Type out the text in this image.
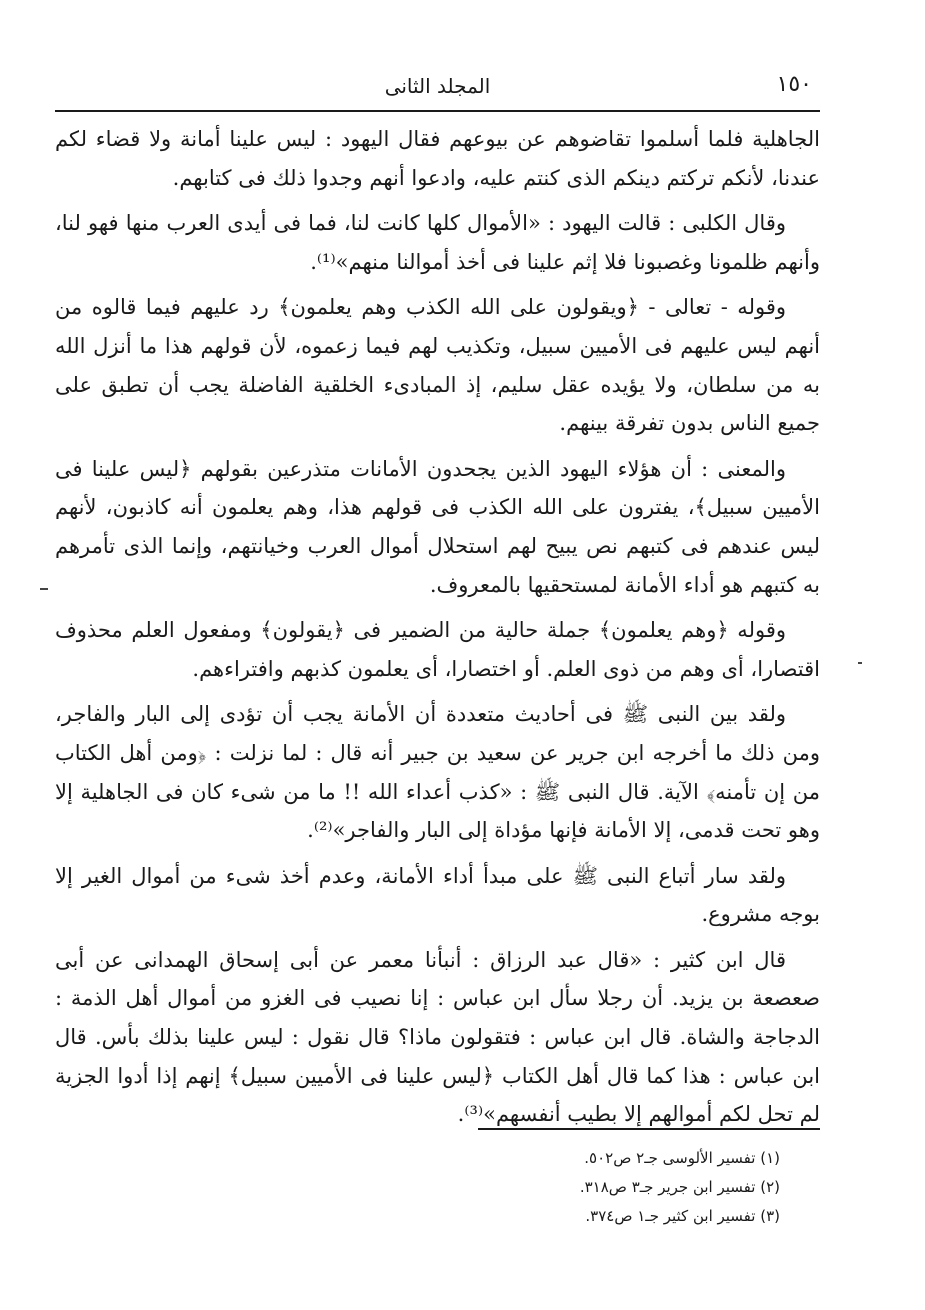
١٥٠
المجلد الثانى

الجاهلية فلما أسلموا تقاضوهم عن بيوعهم فقال اليهود : ليس علينا أمانة ولا قضاء لكم عندنا، لأنكم تركتم دينكم الذى كنتم عليه، وادعوا أنهم وجدوا ذلك فى كتابهم.

وقال الكلبى : قالت اليهود : «الأموال كلها كانت لنا، فما فى أيدى العرب منها فهو لنا، وأنهم ظلمونا وغصبونا فلا إثم علينا فى أخذ أموالنا منهم»⁽¹⁾.

وقوله - تعالى - ﴿ويقولون على الله الكذب وهم يعلمون﴾ رد عليهم فيما قالوه من أنهم ليس عليهم فى الأميين سبيل، وتكذيب لهم فيما زعموه، لأن قولهم هذا ما أنزل الله به من سلطان، ولا يؤيده عقل سليم، إذ المبادىء الخلقية الفاضلة يجب أن تطبق على جميع الناس بدون تفرقة بينهم.

والمعنى : أن هؤلاء اليهود الذين يجحدون الأمانات متذرعين بقولهم ﴿ليس علينا فى الأميين سبيل﴾، يفترون على الله الكذب فى قولهم هذا، وهم يعلمون أنه كاذبون، لأنهم ليس عندهم فى كتبهم نص يبيح لهم استحلال أموال العرب وخيانتهم، وإنما الذى تأمرهم به كتبهم هو أداء الأمانة لمستحقيها بالمعروف.

وقوله ﴿وهم يعلمون﴾ جملة حالية من الضمير فى ﴿يقولون﴾ ومفعول العلم محذوف اقتصارا، أى وهم من ذوى العلم. أو اختصارا، أى يعلمون كذبهم وافتراءهم.

ولقد بين النبى ﷺ فى أحاديث متعددة أن الأمانة يجب أن تؤدى إلى البار والفاجر، ومن ذلك ما أخرجه ابن جرير عن سعيد بن جبير أنه قال : لما نزلت : ﴿ومن أهل الكتاب من إن تأمنه﴾ الآية. قال النبى ﷺ : «كذب أعداء الله !! ما من شىء كان فى الجاهلية إلا وهو تحت قدمى، إلا الأمانة فإنها مؤداة إلى البار والفاجر»⁽²⁾.

ولقد سار أتباع النبى ﷺ على مبدأ أداء الأمانة، وعدم أخذ شىء من أموال الغير إلا بوجه مشروع.

قال ابن كثير : «قال عبد الرزاق : أنبأنا معمر عن أبى إسحاق الهمدانى عن أبى صعصعة بن يزيد. أن رجلا سأل ابن عباس : إنا نصيب فى الغزو من أموال أهل الذمة : الدجاجة والشاة. قال ابن عباس : فتقولون ماذا؟ قال نقول : ليس علينا بذلك بأس. قال ابن عباس : هذا كما قال أهل الكتاب ﴿ليس علينا فى الأميين سبيل﴾ إنهم إذا أدوا الجزية لم تحل لكم أموالهم إلا بطيب أنفسهم»⁽³⁾.

(١) تفسير الألوسى جـ٢ ص٥٠٢.
(٢) تفسير ابن جرير جـ٣ ص٣١٨.
(٣) تفسير ابن كثير جـ١ ص٣٧٤.
